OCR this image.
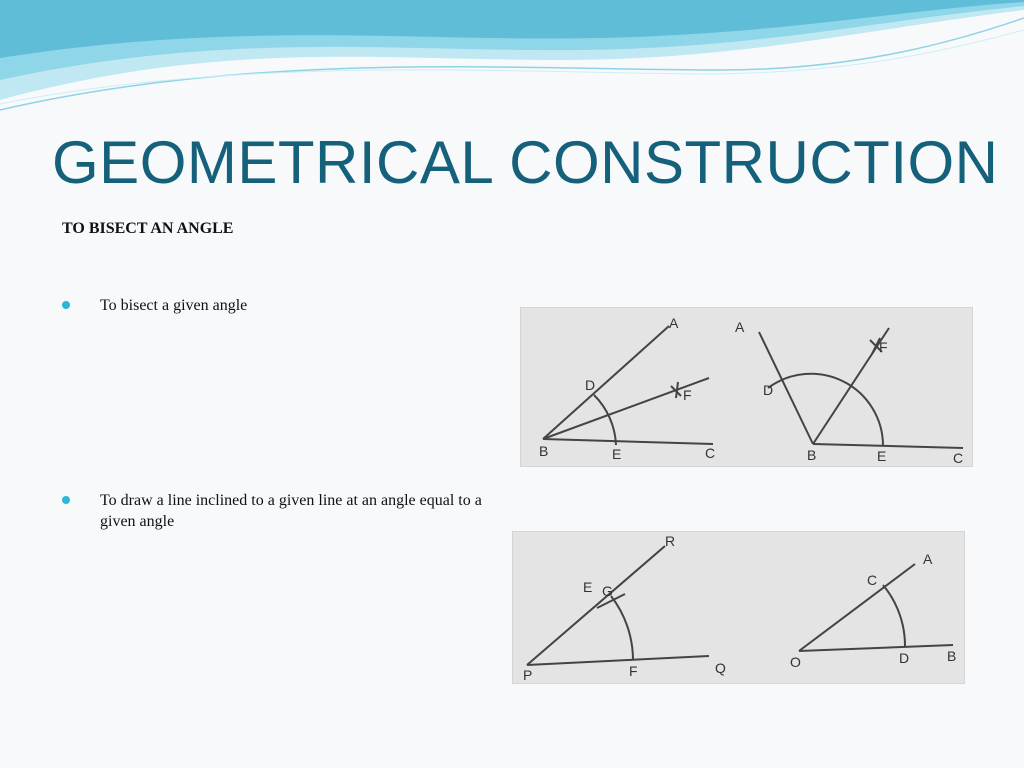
GEOMETRICAL CONSTRUCTION
TO BISECT AN ANGLE
To bisect a given angle
To draw a line inclined to a given line at an angle equal to a given angle
A
D
F
B	E	C
A
D
F
B	E	C
R
E G
P	F	Q
A
C
O	D	B
